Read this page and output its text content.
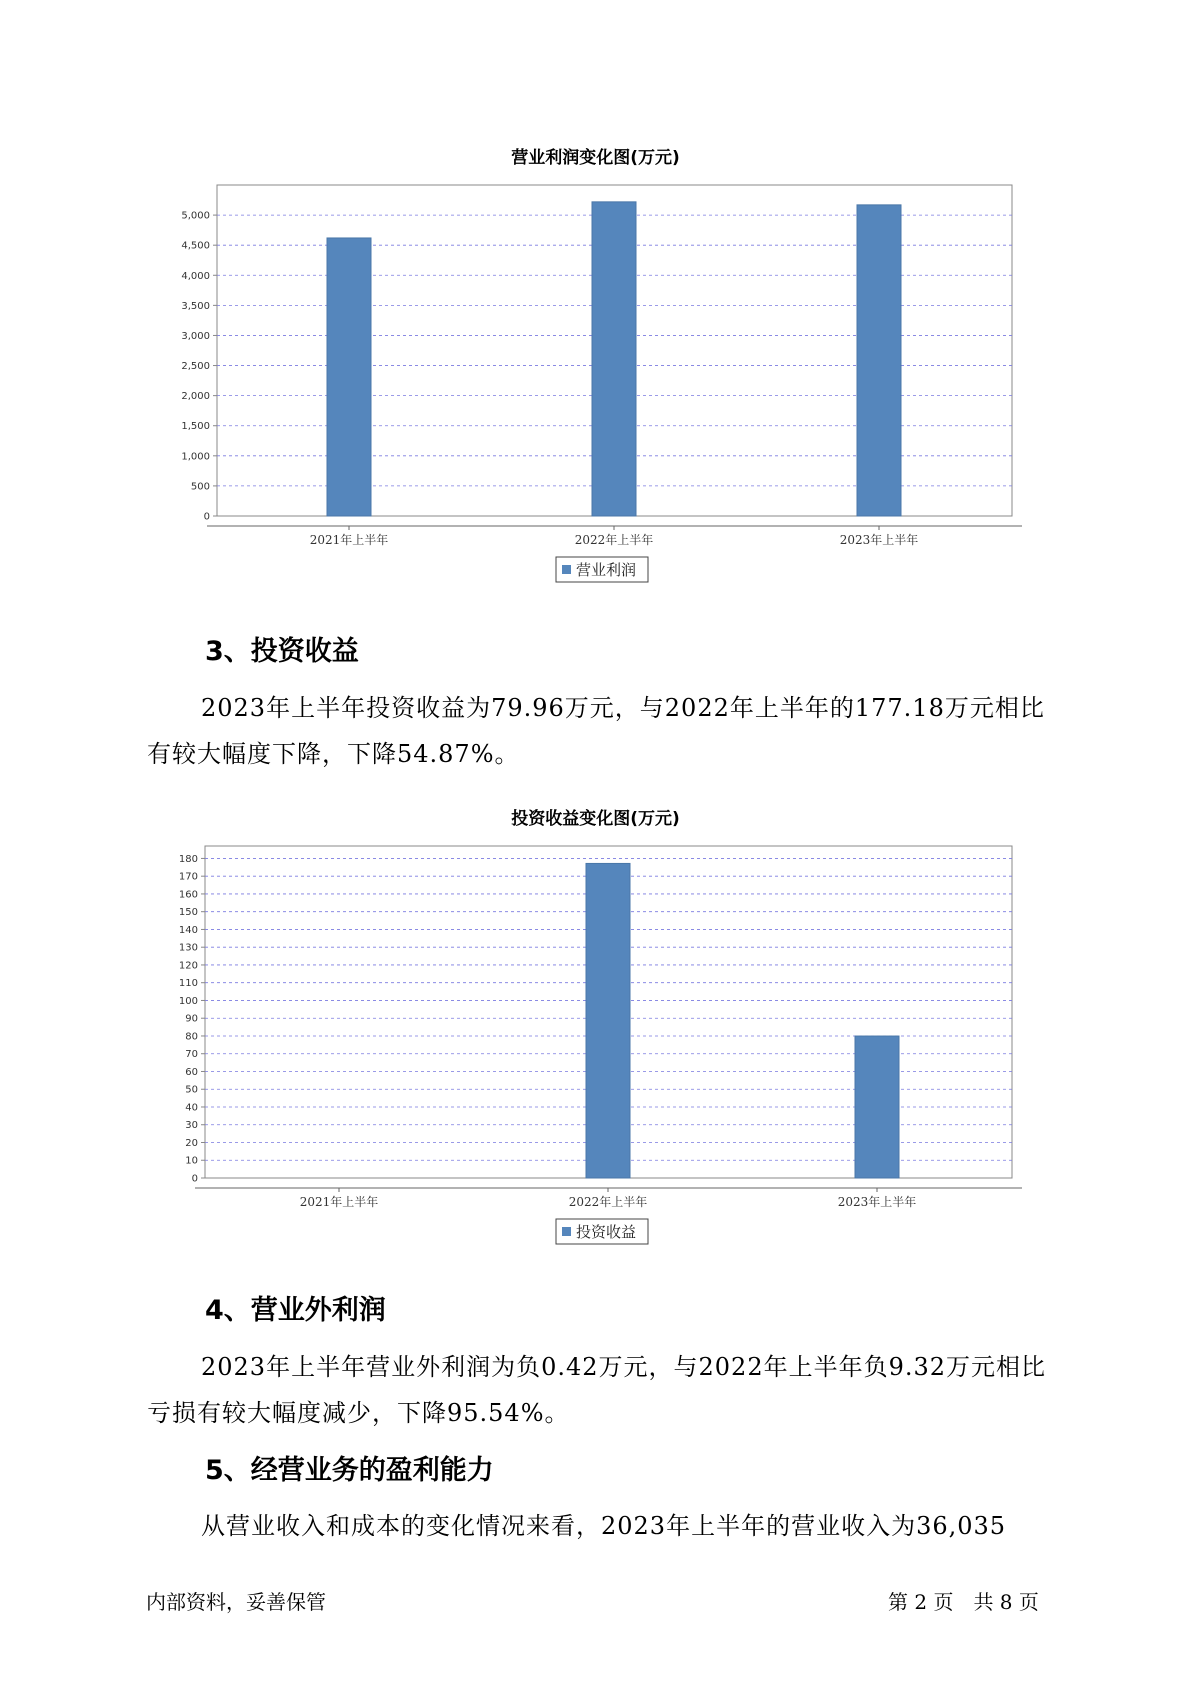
营业利润变化图(万元)
0
500
1,000
1,500
2,000
2,500
3,000
3,500
4,000
4,500
5,000
2021年上半年	2022年上半年	2023年上半年
营业利润
3、投资收益

2023年上半年投资收益为79.96万元，与2022年上半年的177.18万元相比有较大幅度下降，下降54.87%。

投资收益变化图(万元)
0
10
20
30
40
50
60
70
80
90
100
110
120
130
140
150
160
170
180
2021年上半年	2022年上半年	2023年上半年
投资收益
4、营业外利润

2023年上半年营业外利润为负0.42万元，与2022年上半年负9.32万元相比亏损有较大幅度减少，下降95.54%。

5、经营业务的盈利能力

从营业收入和成本的变化情况来看，2023年上半年的营业收入为36,035

内部资料，妥善保管	第 2 页　共 8 页
